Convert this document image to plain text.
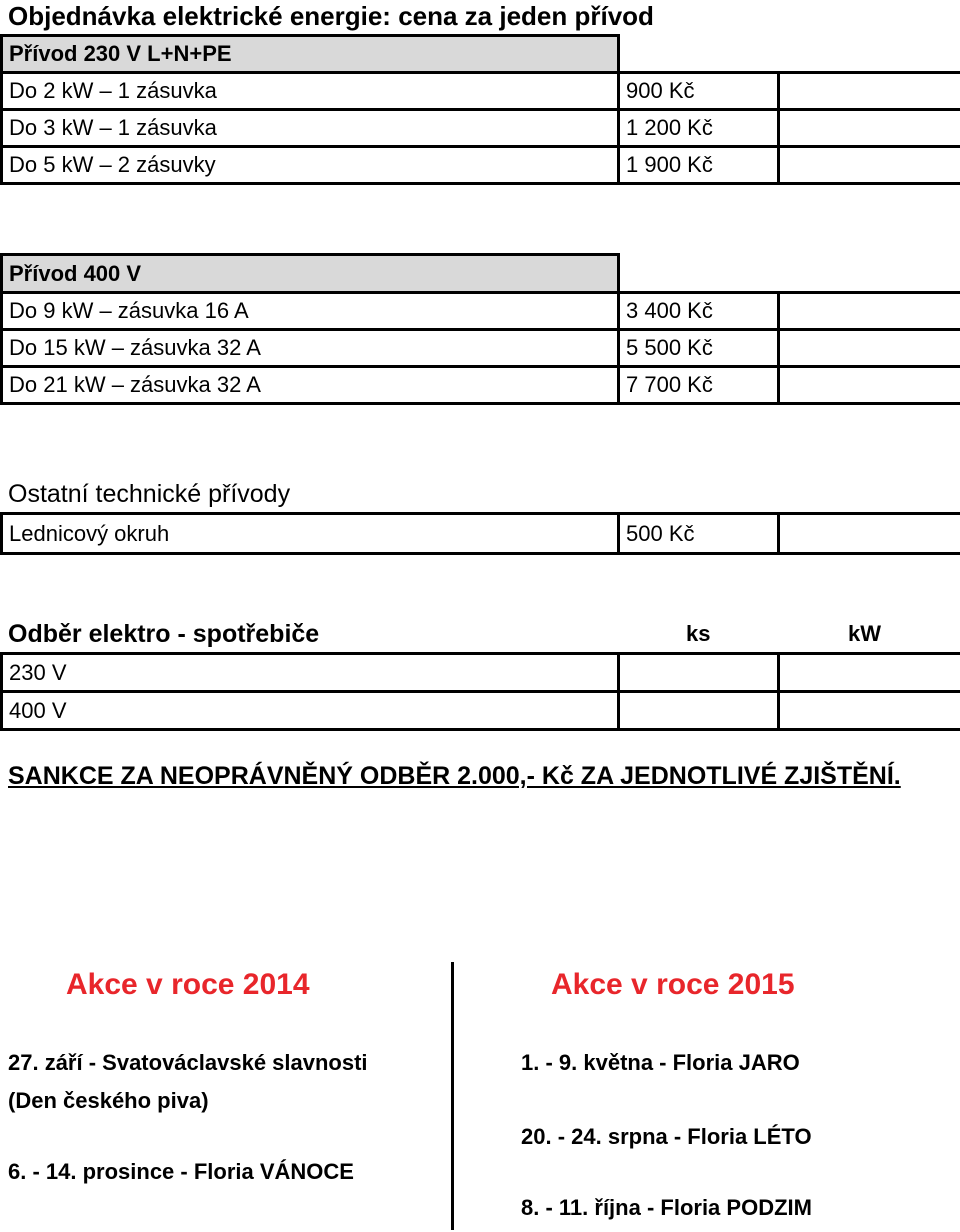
Objednávka elektrické energie: cena za jeden přívod
Přívod 230 V L+N+PE		
Do 2 kW – 1 zásuvka	900 Kč	
Do 3 kW – 1 zásuvka	1 200 Kč	
Do 5 kW – 2 zásuvky	1 900 Kč	
Přívod 400 V		
Do 9 kW – zásuvka 16 A	3 400 Kč	
Do 15 kW – zásuvka 32 A	5 500 Kč	
Do 21 kW – zásuvka 32 A	7 700 Kč	
Ostatní technické přívody
Lednicový okruh	500 Kč	
Odběr elektro - spotřebiče	ks	kW
230 V		
400 V		
SANKCE ZA NEOPRÁVNĚNÝ ODBĚR 2.000,- Kč ZA JEDNOTLIVÉ ZJIŠTĚNÍ.
Akce v roce 2014	Akce v roce 2015
27. září - Svatováclavské slavnosti
(Den českého piva)
6. - 14. prosince - Floria VÁNOCE
1. - 9. května - Floria JARO
20. - 24. srpna - Floria LÉTO
8. - 11. října - Floria PODZIM
